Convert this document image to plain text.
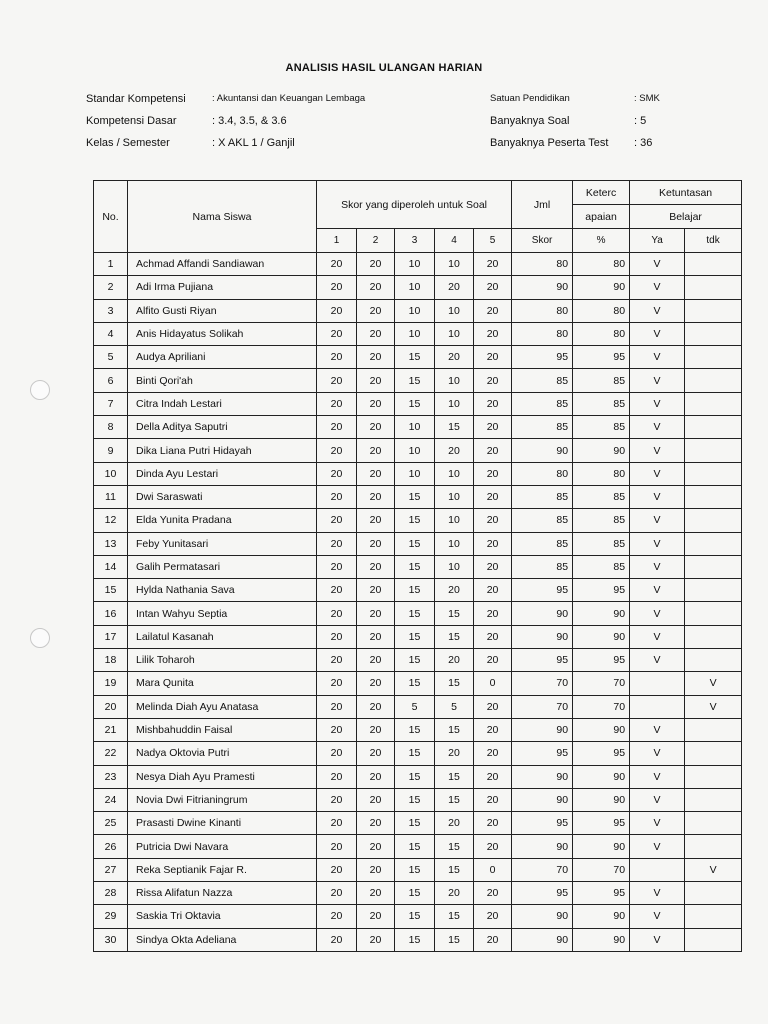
ANALISIS HASIL ULANGAN HARIAN
Standar Kompetensi	: Akuntansi dan Keuangan Lembaga
Kompetensi Dasar	: 3.4, 3.5, & 3.6
Kelas / Semester	: X AKL 1 / Ganjil
Satuan Pendidikan	: SMK
Banyaknya Soal	: 5
Banyaknya Peserta Test	: 36
No.	Nama Siswa	Skor yang diperoleh untuk Soal					Jml	Keterc	Ketuntasan	
								apaian	Belajar	
		1	2	3	4	5	Skor	%	Ya	tdk
1	Achmad Affandi Sandiawan	20	20	10	10	20	80	80	V	
2	Adi Irma Pujiana	20	20	10	20	20	90	90	V	
3	Alfito Gusti Riyan	20	20	10	10	20	80	80	V	
4	Anis Hidayatus Solikah	20	20	10	10	20	80	80	V	
5	Audya Apriliani	20	20	15	20	20	95	95	V	
6	Binti Qori'ah	20	20	15	10	20	85	85	V	
7	Citra Indah Lestari	20	20	15	10	20	85	85	V	
8	Della Aditya Saputri	20	20	10	15	20	85	85	V	
9	Dika Liana Putri Hidayah	20	20	10	20	20	90	90	V	
10	Dinda Ayu Lestari	20	20	10	10	20	80	80	V	
11	Dwi Saraswati	20	20	15	10	20	85	85	V	
12	Elda Yunita Pradana	20	20	15	10	20	85	85	V	
13	Feby Yunitasari	20	20	15	10	20	85	85	V	
14	Galih Permatasari	20	20	15	10	20	85	85	V	
15	Hylda Nathania Sava	20	20	15	20	20	95	95	V	
16	Intan Wahyu Septia	20	20	15	15	20	90	90	V	
17	Lailatul Kasanah	20	20	15	15	20	90	90	V	
18	Lilik Toharoh	20	20	15	20	20	95	95	V	
19	Mara Qunita	20	20	15	15	0	70	70		V
20	Melinda Diah Ayu Anatasa	20	20	5	5	20	70	70		V
21	Mishbahuddin Faisal	20	20	15	15	20	90	90	V	
22	Nadya Oktovia Putri	20	20	15	20	20	95	95	V	
23	Nesya Diah Ayu Pramesti	20	20	15	15	20	90	90	V	
24	Novia Dwi Fitrianingrum	20	20	15	15	20	90	90	V	
25	Prasasti Dwine Kinanti	20	20	15	20	20	95	95	V	
26	Putricia Dwi Navara	20	20	15	15	20	90	90	V	
27	Reka Septianik Fajar R.	20	20	15	15	0	70	70		V
28	Rissa Alifatun Nazza	20	20	15	20	20	95	95	V	
29	Saskia Tri Oktavia	20	20	15	15	20	90	90	V	
30	Sindya Okta Adeliana	20	20	15	15	20	90	90	V	
